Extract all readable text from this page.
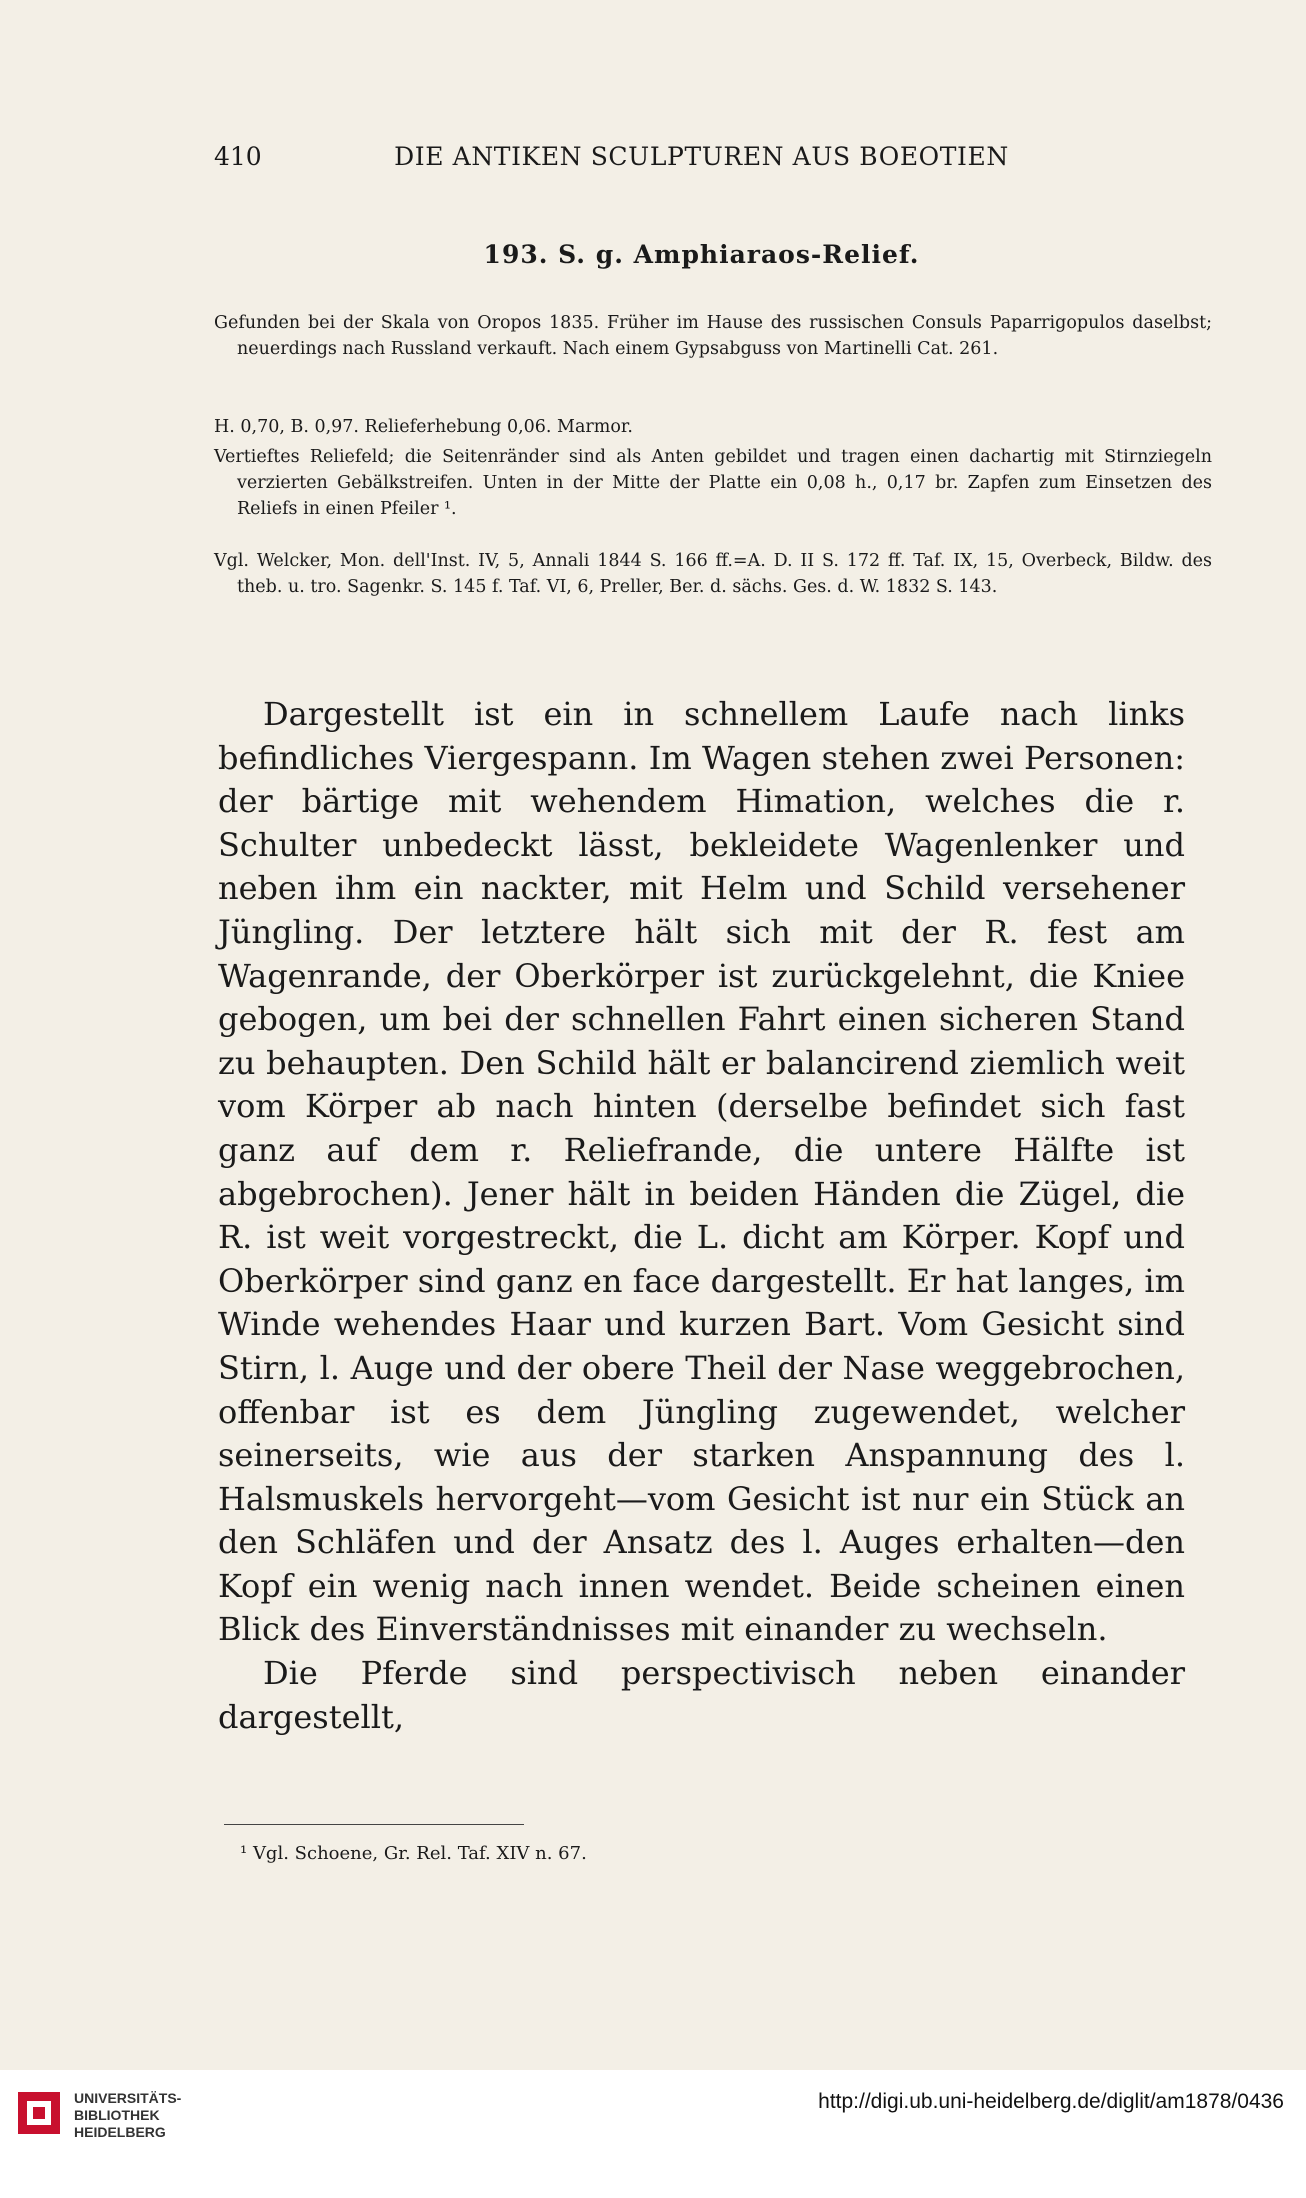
410	DIE ANTIKEN SCULPTUREN AUS BOEOTIEN
193. S. g. Amphiaraos-Relief.
Gefunden bei der Skala von Oropos 1835. Früher im Hause des russischen Consuls Paparrigopulos daselbst; neuerdings nach Russland verkauft. Nach einem Gypsabguss von Martinelli Cat. 261.
H. 0,70, B. 0,97. Relieferhebung 0,06. Marmor.
Vertieftes Reliefeld; die Seitenränder sind als Anten gebildet und tragen einen dachartig mit Stirnziegeln verzierten Gebälkstreifen. Unten in der Mitte der Platte ein 0,08 h., 0,17 br. Zapfen zum Einsetzen des Reliefs in einen Pfeiler ¹.
Vgl. Welcker, Mon. dell'Inst. IV, 5, Annali 1844 S. 166 ff.=A. D. II S. 172 ff. Taf. IX, 15, Overbeck, Bildw. des theb. u. tro. Sagenkr. S. 145 f. Taf. VI, 6, Preller, Ber. d. sächs. Ges. d. W. 1832 S. 143.

Dargestellt ist ein in schnellem Laufe nach links befindliches Viergespann. Im Wagen stehen zwei Personen: der bärtige mit wehendem Himation, welches die r. Schulter unbedeckt lässt, bekleidete Wagenlenker und neben ihm ein nackter, mit Helm und Schild versehener Jüngling. Der letztere hält sich mit der R. fest am Wagenrande, der Oberkörper ist zurückgelehnt, die Kniee gebogen, um bei der schnellen Fahrt einen sicheren Stand zu behaupten. Den Schild hält er balancirend ziemlich weit vom Körper ab nach hinten (derselbe befindet sich fast ganz auf dem r. Reliefrande, die untere Hälfte ist abgebrochen). Jener hält in beiden Händen die Zügel, die R. ist weit vorgestreckt, die L. dicht am Körper. Kopf und Oberkörper sind ganz en face dargestellt. Er hat langes, im Winde wehendes Haar und kurzen Bart. Vom Gesicht sind Stirn, l. Auge und der obere Theil der Nase weggebrochen, offenbar ist es dem Jüngling zugewendet, welcher seinerseits, wie aus der starken Anspannung des l. Halsmuskels hervorgeht—vom Gesicht ist nur ein Stück an den Schläfen und der Ansatz des l. Auges erhalten—den Kopf ein wenig nach innen wendet. Beide scheinen einen Blick des Einverständnisses mit einander zu wechseln.

Die Pferde sind perspectivisch neben einander dargestellt,

¹ Vgl. Schoene, Gr. Rel. Taf. XIV n. 67.
UNIVERSITÄTS-
BIBLIOTHEK
HEIDELBERG
http://digi.ub.uni-heidelberg.de/diglit/am1878/0436
